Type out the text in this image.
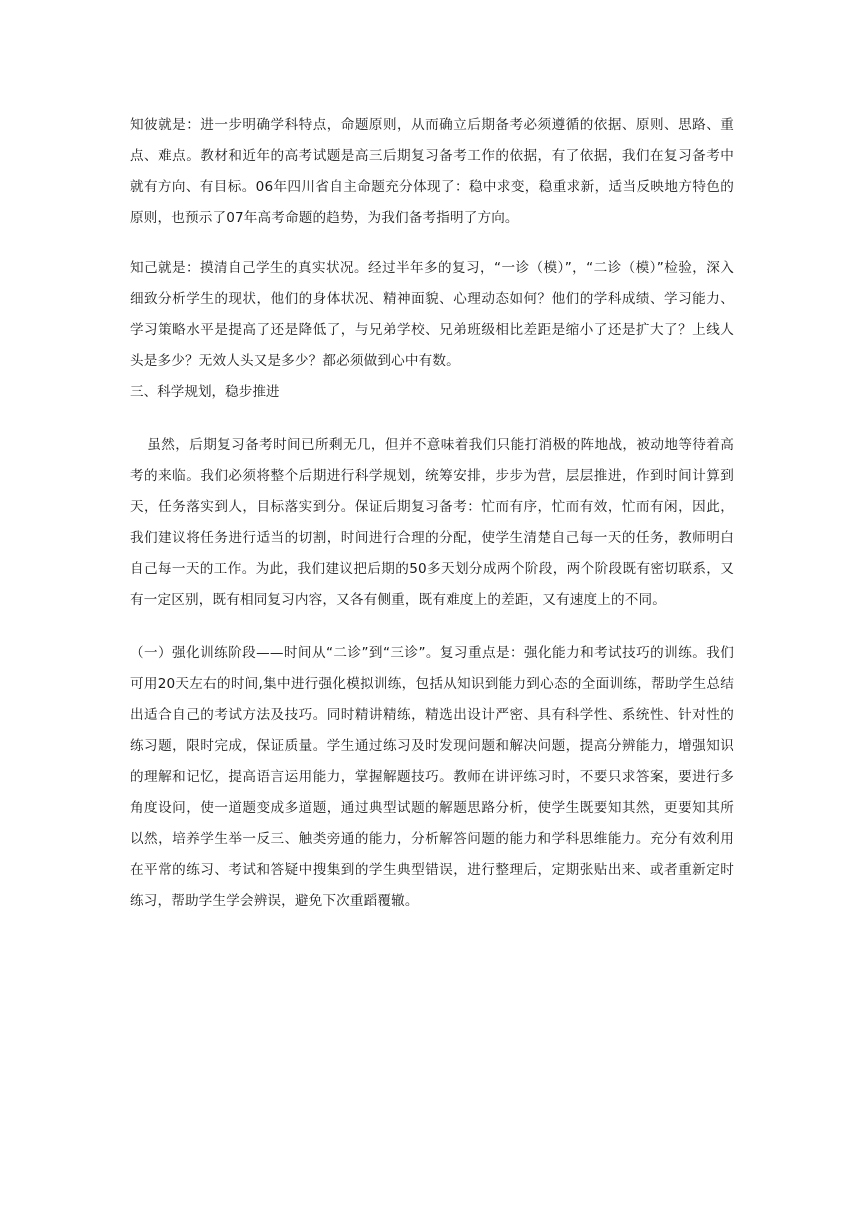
知彼就是：进一步明确学科特点，命题原则，从而确立后期备考必须遵循的依据、原则、思路、重点、难点。教材和近年的高考试题是高三后期复习备考工作的依据，有了依据，我们在复习备考中就有方向、有目标。06年四川省自主命题充分体现了：稳中求变，稳重求新，适当反映地方特色的原则，也预示了07年高考命题的趋势，为我们备考指明了方向。

知己就是：摸清自己学生的真实状况。经过半年多的复习，“一诊（模）”，“二诊（模）”检验，深入细致分析学生的现状，他们的身体状况、精神面貌、心理动态如何？他们的学科成绩、学习能力、学习策略水平是提高了还是降低了，与兄弟学校、兄弟班级相比差距是缩小了还是扩大了？上线人头是多少？无效人头又是多少？都必须做到心中有数。

三、科学规划，稳步推进

虽然，后期复习备考时间已所剩无几，但并不意味着我们只能打消极的阵地战，被动地等待着高考的来临。我们必须将整个后期进行科学规划，统筹安排，步步为营，层层推进，作到时间计算到天，任务落实到人，目标落实到分。保证后期复习备考：忙而有序，忙而有效，忙而有闲，因此，我们建议将任务进行适当的切割，时间进行合理的分配，使学生清楚自己每一天的任务，教师明白自己每一天的工作。为此，我们建议把后期的50多天划分成两个阶段，两个阶段既有密切联系，又有一定区别，既有相同复习内容，又各有侧重，既有难度上的差距，又有速度上的不同。

（一）强化训练阶段——时间从“二诊”到“三诊”。复习重点是：强化能力和考试技巧的训练。我们可用20天左右的时间,集中进行强化模拟训练，包括从知识到能力到心态的全面训练，帮助学生总结出适合自己的考试方法及技巧。同时精讲精练，精选出设计严密、具有科学性、系统性、针对性的练习题，限时完成，保证质量。学生通过练习及时发现问题和解决问题，提高分辨能力，增强知识的理解和记忆，提高语言运用能力，掌握解题技巧。教师在讲评练习时，不要只求答案，要进行多角度设问，使一道题变成多道题，通过典型试题的解题思路分析，使学生既要知其然，更要知其所以然，培养学生举一反三、触类旁通的能力，分析解答问题的能力和学科思维能力。充分有效利用在平常的练习、考试和答疑中搜集到的学生典型错误，进行整理后，定期张贴出来、或者重新定时练习，帮助学生学会辨误，避免下次重蹈覆辙。
